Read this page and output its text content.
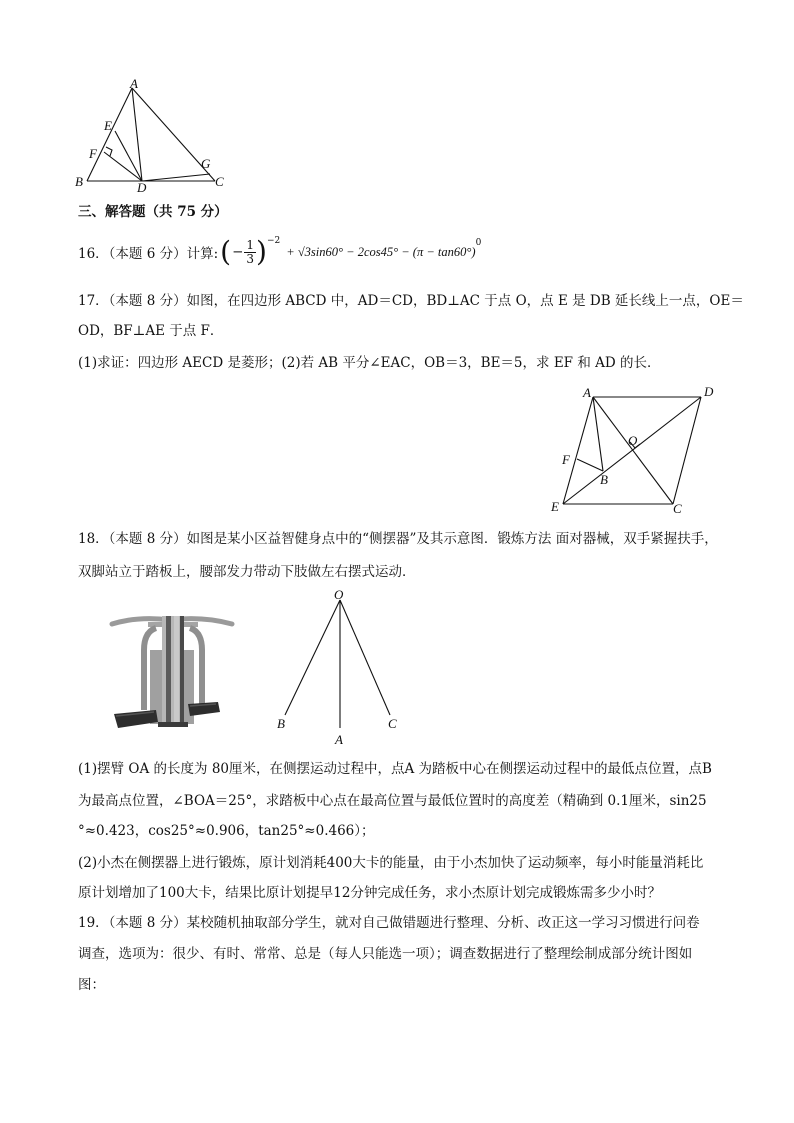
A
E
F
G
B	D	C
三、解答题（共 75 分）
16．（本题 6 分）计算: ( − $\frac{1}{3} )^{-2}$
+ √3sin60° − 2cos45° − (π − tan60°)
$^0$
17．（本题 8 分）如图，在四边形 ABCD 中，AD＝CD，BD⊥AC 于点 O，点 E 是 DB 延长线上一点，OE＝
OD，BF⊥AE 于点 F．
(1)求证：四边形 AECD 是菱形；(2)若 AB 平分∠EAC，OB＝3，BE＝5，求 EF 和 AD 的长．
A	D
O
F
B
E	C
18．（本题 8 分）如图是某小区益智健身点中的“侧摆器”及其示意图．锻炼方法 面对器械，双手紧握扶手，
双脚站立于踏板上，腰部发力带动下肢做左右摆式运动．
O
B
A
C
(1)摆臂 OA 的长度为 80厘米，在侧摆运动过程中，点A 为踏板中心在侧摆运动过程中的最低点位置，点B
为最高点位置，∠BOA＝25°，求踏板中心点在最高位置与最低位置时的高度差（精确到 0.1厘米，sin25
°≈0.423，cos25°≈0.906，tan25°≈0.466）；
(2)小杰在侧摆器上进行锻炼，原计划消耗400大卡的能量，由于小杰加快了运动频率，每小时能量消耗比
原计划增加了100大卡，结果比原计划提早12分钟完成任务，求小杰原计划完成锻炼需多少小时？
19．（本题 8 分）某校随机抽取部分学生，就对自己做错题进行整理、分析、改正这一学习习惯进行问卷
调查，选项为：很少、有时、常常、总是（每人只能选一项）；调查数据进行了整理绘制成部分统计图如
图：
